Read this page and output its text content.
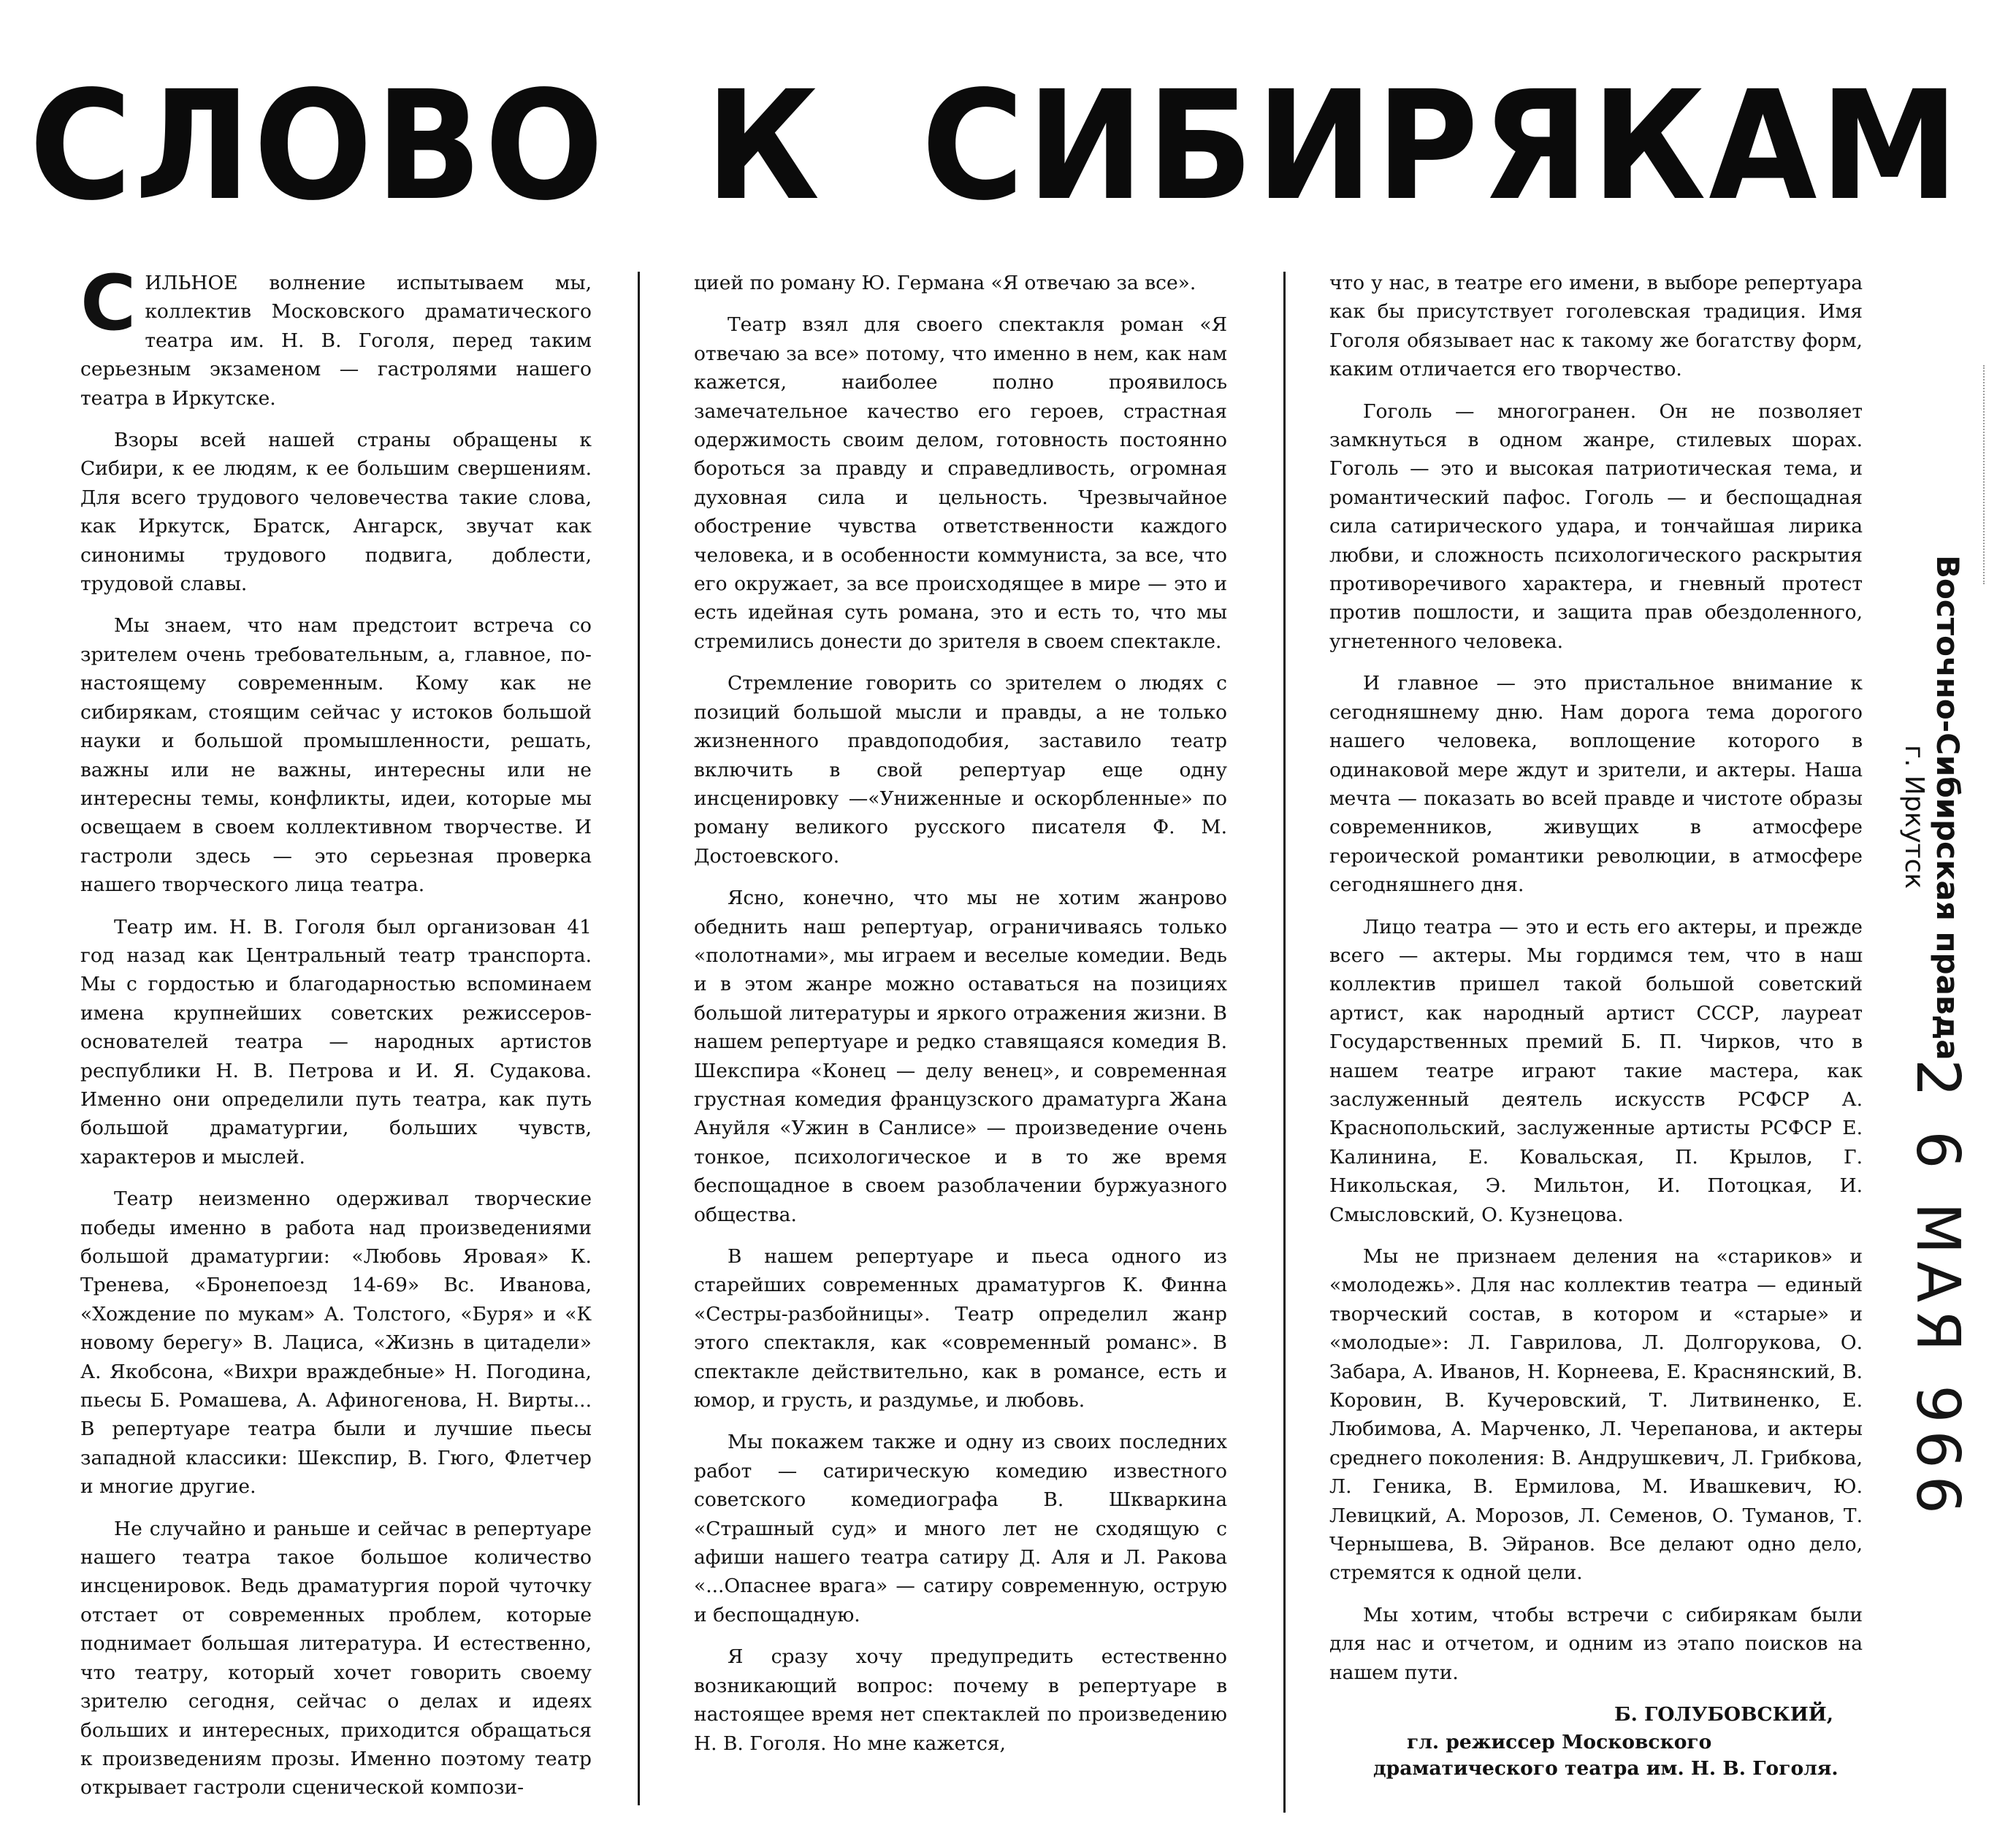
СЛОВО К СИБИРЯКАМ

СИЛЬНОЕ волнение испытываем мы, коллектив Московского драматического театра им. Н. В. Гоголя, перед таким серьезным экзаменом — гастролями нашего театра в Иркутске.

Взоры всей нашей страны обращены к Сибири, к ее людям, к ее большим свершениям. Для всего трудового человечества такие слова, как Иркутск, Братск, Ангарск, звучат как синонимы трудового подвига, доблести, трудовой славы.

Мы знаем, что нам предстоит встреча со зрителем очень требовательным, а, главное, по-настоящему современным. Кому как не сибирякам, стоящим сейчас у истоков большой науки и большой промышленности, решать, важны или не важны, интересны или не интересны темы, конфликты, идеи, которые мы освещаем в своем коллективном творчестве. И гастроли здесь — это серьезная проверка нашего творческого лица театра.

Театр им. Н. В. Гоголя был организован 41 год назад как Центральный театр транспорта. Мы с гордостью и благодарностью вспоминаем имена крупнейших советских режиссеров-основателей театра — народных артистов республики Н. В. Петрова и И. Я. Судакова. Именно они определили путь театра, как путь большой драматургии, больших чувств, характеров и мыслей.

Театр неизменно одерживал творческие победы именно в работа над произведениями большой драматургии: «Любовь Яровая» К. Тренева, «Бронепоезд 14-69» Вс. Иванова, «Хождение по мукам» А. Толстого, «Буря» и «К новому берегу» В. Лациса, «Жизнь в цитадели» А. Якобсона, «Вихри враждебные» Н. Погодина, пьесы Б. Ромашева, А. Афиногенова, Н. Вирты... В репертуаре театра были и лучшие пьесы западной классики: Шекспир, В. Гюго, Флетчер и многие другие.

Не случайно и раньше и сейчас в репертуаре нашего театра такое большое количество инсценировок. Ведь драматургия порой чуточку отстает от современных проблем, которые поднимает большая литература. И естественно, что театру, который хочет говорить своему зрителю сегодня, сейчас о делах и идеях больших и интересных, приходится обращаться к произведениям прозы. Именно поэтому театр открывает гастроли сценической компози-

цией по роману Ю. Германа «Я отвечаю за все».

Театр взял для своего спектакля роман «Я отвечаю за все» потому, что именно в нем, как нам кажется, наиболее полно проявилось замечательное качество его героев, страстная одержимость своим делом, готовность постоянно бороться за правду и справедливость, огромная духовная сила и цельность. Чрезвычайное обострение чувства ответственности каждого человека, и в особенности коммуниста, за все, что его окружает, за все происходящее в мире — это и есть идейная суть романа, это и есть то, что мы стремились донести до зрителя в своем спектакле.

Стремление говорить со зрителем о людях с позиций большой мысли и правды, а не только жизненного правдоподобия, заставило театр включить в свой репертуар еще одну инсценировку —«Униженные и оскорбленные» по роману великого русского писателя Ф. М. Достоевского.

Ясно, конечно, что мы не хотим жанрово обеднить наш репертуар, ограничиваясь только «полотнами», мы играем и веселые комедии. Ведь и в этом жанре можно оставаться на позициях большой литературы и яркого отражения жизни. В нашем репертуаре и редко ставящаяся комедия В. Шекспира «Конец — делу венец», и современная грустная комедия французского драматурга Жана Ануйля «Ужин в Санлисе» — произведение очень тонкое, психологическое и в то же время беспощадное в своем разоблачении буржуазного общества.

В нашем репертуаре и пьеса одного из старейших современных драматургов К. Финна «Сестры-разбойницы». Театр определил жанр этого спектакля, как «современный романс». В спектакле действительно, как в романсе, есть и юмор, и грусть, и раздумье, и любовь.

Мы покажем также и одну из своих последних работ — сатирическую комедию известного советского комедиографа В. Шкваркина «Страшный суд» и много лет не сходящую с афиши нашего театра сатиру Д. Аля и Л. Ракова «...Опаснее врага» — сатиру современную, острую и беспощадную.

Я сразу хочу предупредить естественно возникающий вопрос: почему в репертуаре в настоящее время нет спектаклей по произведению Н. В. Гоголя. Но мне кажется,

что у нас, в театре его имени, в выборе репертуара как бы присутствует гоголевская традиция. Имя Гоголя обязывает нас к такому же богатству форм, каким отличается его творчество.

Гоголь — многогранен. Он не позволяет замкнуться в одном жанре, стилевых шорах. Гоголь — это и высокая патриотическая тема, и романтический пафос. Гоголь — и беспощадная сила сатирического удара, и тончайшая лирика любви, и сложность психологического раскрытия противоречивого характера, и гневный протест против пошлости, и защита прав обездоленного, угнетенного человека.

И главное — это пристальное внимание к сегодняшнему дню. Нам дорога тема дорогого нашего человека, воплощение которого в одинаковой мере ждут и зрители, и актеры. Наша мечта — показать во всей правде и чистоте образы современников, живущих в атмосфере героической романтики революции, в атмосфере сегодняшнего дня.

Лицо театра — это и есть его актеры, и прежде всего — актеры. Мы гордимся тем, что в наш коллектив пришел такой большой советский артист, как народный артист СССР, лауреат Государственных премий Б. П. Чирков, что в нашем театре играют такие мастера, как заслуженный деятель искусств РСФСР А. Краснопольский, заслуженные артисты РСФСР Е. Калинина, Е. Ковальская, П. Крылов, Г. Никольская, Э. Мильтон, И. Потоцкая, И. Смысловский, О. Кузнецова.

Мы не признаем деления на «стариков» и «молодежь». Для нас коллектив театра — единый творческий состав, в котором и «старые» и «молодые»: Л. Гаврилова, Л. Долгорукова, О. Забара, А. Иванов, Н. Корнеева, Е. Краснянский, В. Коровин, В. Кучеровский, Т. Литвиненко, Е. Любимова, А. Марченко, Л. Черепанова, и актеры среднего поколения: В. Андрушкевич, Л. Грибкова, Л. Геника, В. Ермилова, М. Ивашкевич, Ю. Левицкий, А. Морозов, Л. Семенов, О. Туманов, Т. Чернышева, В. Эйранов. Все делают одно дело, стремятся к одной цели.

Мы хотим, чтобы встречи с сибирякам были для нас и отчетом, и одним из этапо поисков на нашем пути.

Б. ГОЛУБОВСКИЙ,

гл. режиссер Московского драматического театра им. Н. В. Гоголя.

Восточно-Сибирская правда
г. Иркутск
2 6 МАЯ 966
